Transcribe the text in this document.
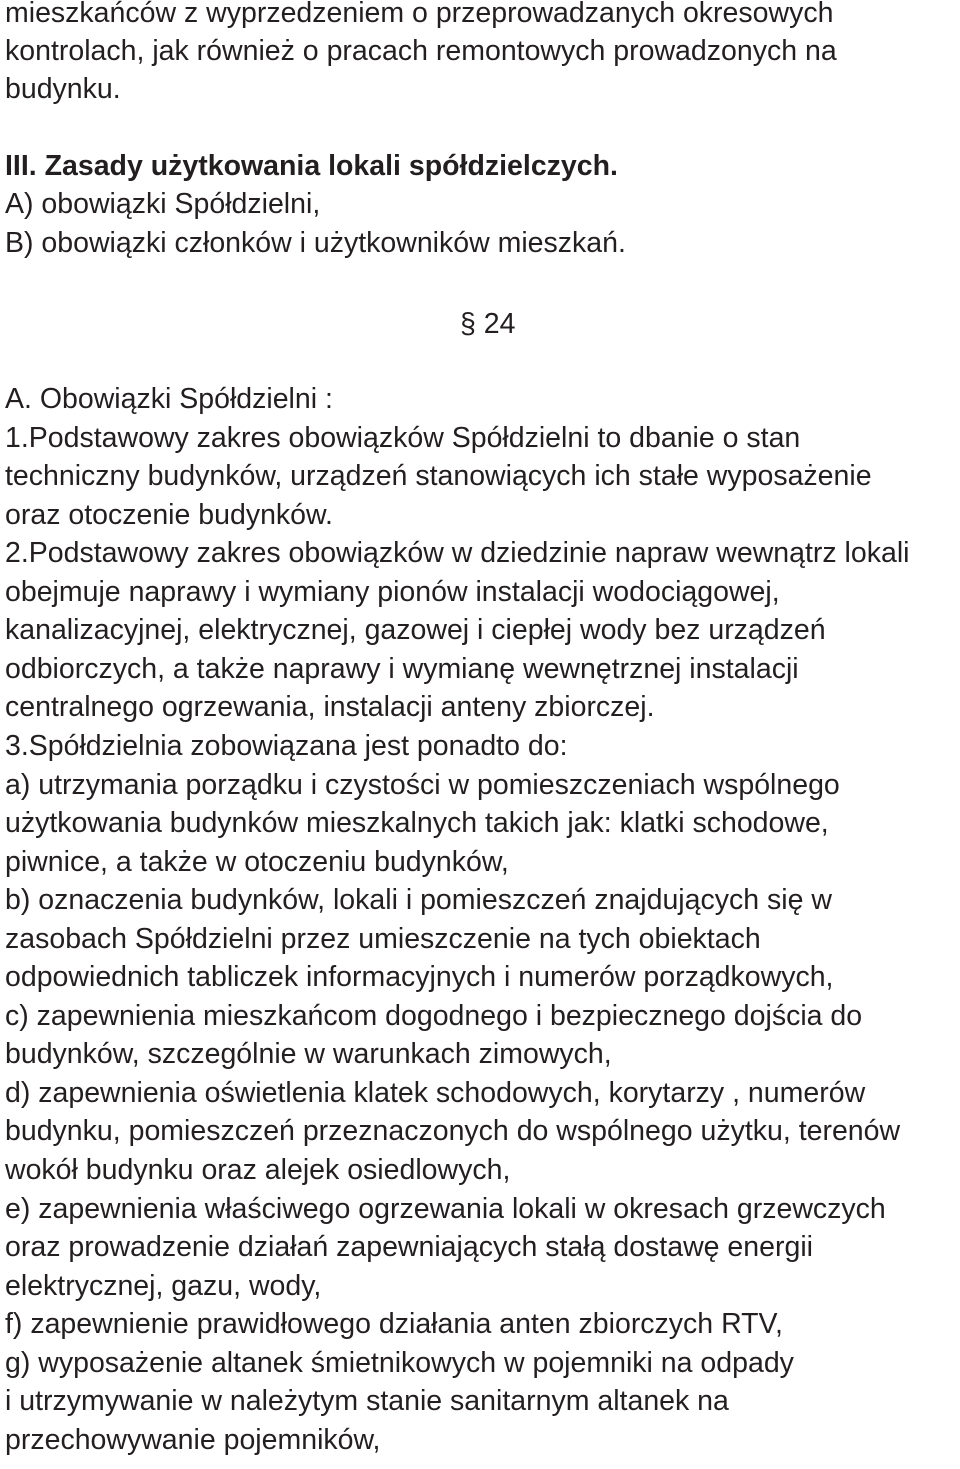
mieszkańców z wyprzedzeniem o przeprowadzanych okresowych
kontrolach, jak również o pracach remontowych prowadzonych na
budynku.
III. Zasady użytkowania lokali spółdzielczych.
A) obowiązki Spółdzielni,
B) obowiązki członków i użytkowników mieszkań.
§ 24
A. Obowiązki Spółdzielni :
1.Podstawowy zakres obowiązków Spółdzielni to dbanie o stan
techniczny budynków, urządzeń stanowiących ich stałe wyposażenie
oraz otoczenie budynków.
2.Podstawowy zakres obowiązków w dziedzinie napraw wewnątrz lokali
obejmuje naprawy i wymiany pionów instalacji wodociągowej,
kanalizacyjnej, elektrycznej, gazowej i ciepłej wody bez urządzeń
odbiorczych, a także naprawy i wymianę wewnętrznej instalacji
centralnego ogrzewania, instalacji anteny zbiorczej.
3.Spółdzielnia zobowiązana jest ponadto do:
a) utrzymania porządku i czystości w pomieszczeniach wspólnego
użytkowania budynków mieszkalnych takich jak: klatki schodowe,
piwnice, a także w otoczeniu budynków,
b) oznaczenia budynków, lokali i pomieszczeń znajdujących się w
zasobach Spółdzielni przez umieszczenie na tych obiektach
odpowiednich tabliczek informacyjnych i numerów porządkowych,
c) zapewnienia mieszkańcom dogodnego i bezpiecznego dojścia do
budynków, szczególnie w warunkach zimowych,
d) zapewnienia oświetlenia klatek schodowych, korytarzy , numerów
budynku, pomieszczeń przeznaczonych do wspólnego użytku, terenów
wokół budynku oraz alejek osiedlowych,
e) zapewnienia właściwego ogrzewania lokali w okresach grzewczych
oraz prowadzenie działań zapewniających stałą dostawę energii
elektrycznej, gazu, wody,
f) zapewnienie prawidłowego działania anten zbiorczych RTV,
g) wyposażenie altanek śmietnikowych w pojemniki na odpady
i utrzymywanie w należytym stanie sanitarnym altanek na
przechowywanie pojemników,
